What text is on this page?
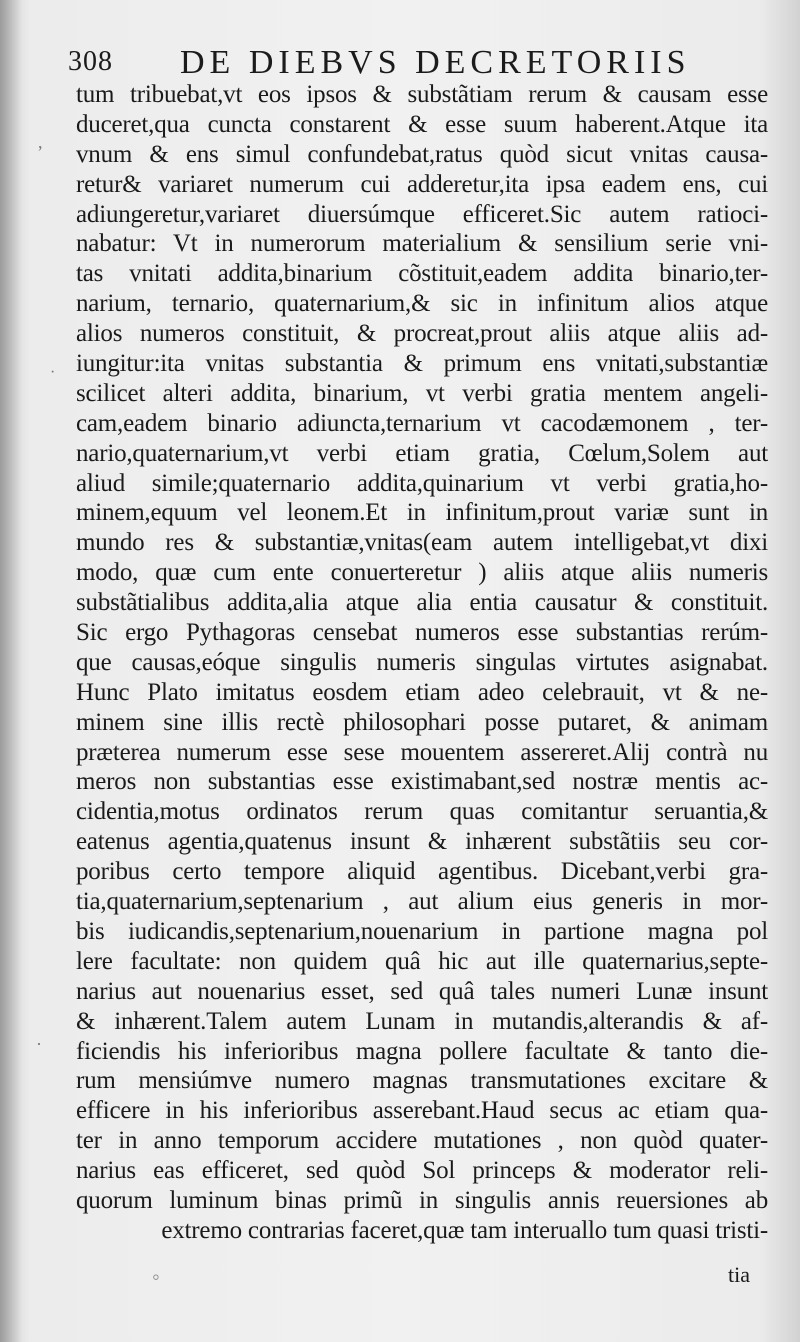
308 DE DIEBVS DECRETORIIS
tum tribuebat,vt eos ipsos & substãtiam rerum & causam esse
duceret,qua cuncta constarent & esse suum haberent.Atque ita
vnum & ens simul confundebat,ratus quòd sicut vnitas causa-
retur& variaret numerum cui adderetur,ita ipsa eadem ens, cui
adiungeretur,variaret diuersúmque efficeret.Sic autem ratioci-
nabatur: Vt in numerorum materialium & sensilium serie vni-
tas vnitati addita,binarium cõstituit,eadem addita binario,ter-
narium, ternario, quaternarium,& sic in infinitum alios atque
alios numeros constituit, & procreat,prout aliis atque aliis ad-
iungitur:ita vnitas substantia & primum ens vnitati,substantiæ
scilicet alteri addita, binarium, vt verbi gratia mentem angeli-
cam,eadem binario adiuncta,ternarium vt cacodæmonem , ter-
nario,quaternarium,vt verbi etiam gratia, Cœlum,Solem aut
aliud simile;quaternario addita,quinarium vt verbi gratia,ho-
minem,equum vel leonem.Et in infinitum,prout variæ sunt in
mundo res & substantiæ,vnitas(eam autem intelligebat,vt dixi
modo, quæ cum ente conuerteretur ) aliis atque aliis numeris
substãtialibus addita,alia atque alia entia causatur & constituit.
Sic ergo Pythagoras censebat numeros esse substantias rerúm-
que causas,eóque singulis numeris singulas virtutes asignabat.
Hunc Plato imitatus eosdem etiam adeo celebrauit, vt & ne-
minem sine illis rectè philosophari posse putaret, & animam
præterea numerum esse sese mouentem assereret.Alij contrà nu
meros non substantias esse existimabant,sed nostræ mentis ac-
cidentia,motus ordinatos rerum quas comitantur seruantia,&
eatenus agentia,quatenus insunt & inhærent substãtiis seu cor-
poribus certo tempore aliquid agentibus. Dicebant,verbi gra-
tia,quaternarium,septenarium , aut alium eius generis in mor-
bis iudicandis,septenarium,nouenarium in partione magna pol
lere facultate: non quidem quâ hic aut ille quaternarius,septe-
narius aut nouenarius esset, sed quâ tales numeri Lunæ insunt
& inhærent.Talem autem Lunam in mutandis,alterandis & af-
ficiendis his inferioribus magna pollere facultate & tanto die-
rum mensiúmve numero magnas transmutationes excitare &
efficere in his inferioribus asserebant.Haud secus ac etiam qua-
ter in anno temporum accidere mutationes , non quòd quater-
narius eas efficeret, sed quòd Sol princeps & moderator reli-
quorum luminum binas primũ in singulis annis reuersiones ab
extremo contrarias faceret,quæ tam interuallo tum quasi tristi-
tia
,
·
·
◦
